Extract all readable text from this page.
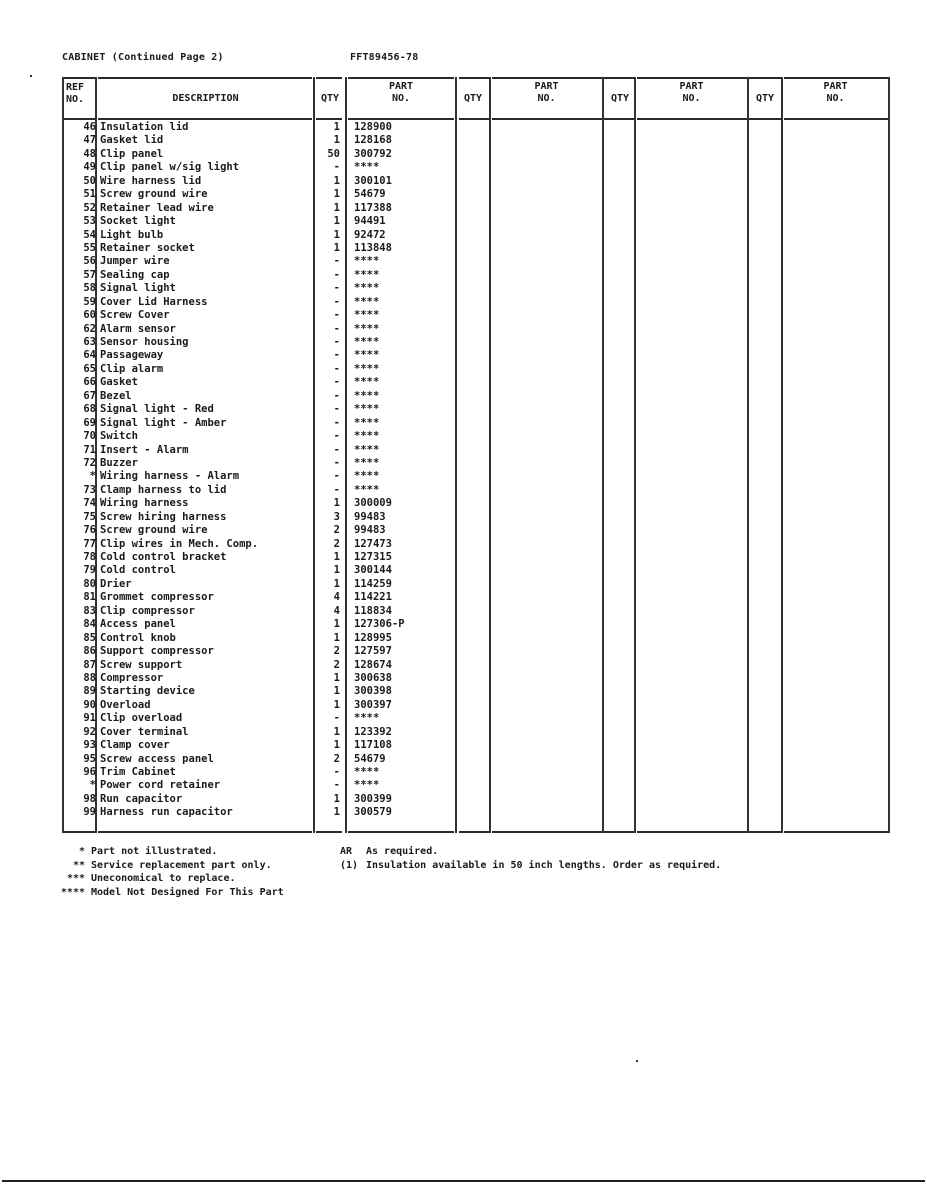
CABINET (Continued Page 2)	FFT89456-78
REF
NO.	DESCRIPTION	QTY
PART
NO.	QTY
PART
NO.	QTY
PART
NO.	QTY
PART
NO.
46 Insulation lid	1 128900
47 Gasket lid	1 128168
48 Clip panel	50 300792
49 Clip panel w/sig light	- ****
50 Wire harness lid	1 300101
51 Screw ground wire	1 54679
52 Retainer lead wire	1 117388
53 Socket light	1 94491
54 Light bulb	1 92472
55 Retainer socket	1 113848
56 Jumper wire	- ****
57 Sealing cap	- ****
58 Signal light	- ****
59 Cover Lid Harness	- ****
60 Screw Cover	- ****
62 Alarm sensor	- ****
63 Sensor housing	- ****
64 Passageway	- ****
65 Clip alarm	- ****
66 Gasket	- ****
67 Bezel	- ****
68 Signal light - Red	- ****
69 Signal light - Amber	- ****
70 Switch	- ****
71 Insert - Alarm	- ****
72 Buzzer	- ****
* Wiring harness - Alarm	- ****
73 Clamp harness to lid	- ****
74 Wiring harness	1 300009
75 Screw hiring harness	3 99483
76 Screw ground wire	2 99483
77 Clip wires in Mech. Comp.	2 127473
78 Cold control bracket	1 127315
79 Cold control	1 300144
80 Drier	1 114259
81 Grommet compressor	4 114221
83 Clip compressor	4 118834
84 Access panel	1 127306-P
85 Control knob	1 128995
86 Support compressor	2 127597
87 Screw support	2 128674
88 Compressor	1 300638
89 Starting device	1 300398
90 Overload	1 300397
91 Clip overload	- ****
92 Cover terminal	1 123392
93 Clamp cover	1 117108
95 Screw access panel	2 54679
96 Trim Cabinet	- ****
* Power cord retainer	- ****
98 Run capacitor	1 300399
99 Harness run capacitor	1 300579
* Part not illustrated.
** Service replacement part only.
*** Uneconomical to replace.
**** Model Not Designed For This Part
AR As required.
(1) Insulation available in 50 inch lengths. Order as required.
